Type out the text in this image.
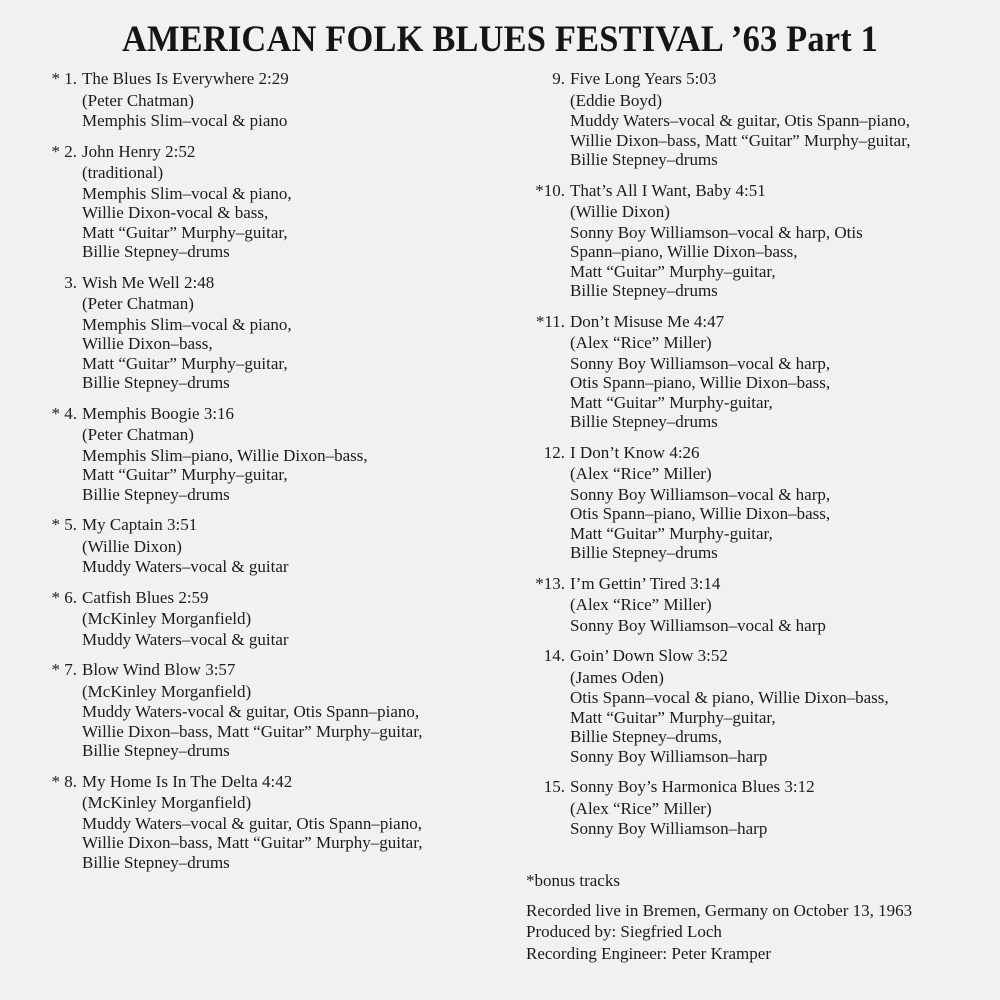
AMERICAN FOLK BLUES FESTIVAL ’63 Part 1
* 1. The Blues Is Everywhere 2:29
(Peter Chatman)
Memphis Slim–vocal & piano
* 2. John Henry 2:52
(traditional)
Memphis Slim–vocal & piano,
Willie Dixon-vocal & bass,
Matt “Guitar” Murphy–guitar,
Billie Stepney–drums
3. Wish Me Well 2:48
(Peter Chatman)
Memphis Slim–vocal & piano,
Willie Dixon–bass,
Matt “Guitar” Murphy–guitar,
Billie Stepney–drums
* 4. Memphis Boogie 3:16
(Peter Chatman)
Memphis Slim–piano, Willie Dixon–bass,
Matt “Guitar” Murphy–guitar,
Billie Stepney–drums
* 5. My Captain 3:51
(Willie Dixon)
Muddy Waters–vocal & guitar
* 6. Catfish Blues 2:59
(McKinley Morganfield)
Muddy Waters–vocal & guitar
* 7. Blow Wind Blow 3:57
(McKinley Morganfield)
Muddy Waters-vocal & guitar, Otis Spann–piano,
Willie Dixon–bass, Matt “Guitar” Murphy–guitar,
Billie Stepney–drums
* 8. My Home Is In The Delta 4:42
(McKinley Morganfield)
Muddy Waters–vocal & guitar, Otis Spann–piano,
Willie Dixon–bass, Matt “Guitar” Murphy–guitar,
Billie Stepney–drums
9. Five Long Years 5:03
(Eddie Boyd)
Muddy Waters–vocal & guitar, Otis Spann–piano,
Willie Dixon–bass, Matt “Guitar” Murphy–guitar,
Billie Stepney–drums
*10. That’s All I Want, Baby 4:51
(Willie Dixon)
Sonny Boy Williamson–vocal & harp, Otis
Spann–piano, Willie Dixon–bass,
Matt “Guitar” Murphy–guitar,
Billie Stepney–drums
*11. Don’t Misuse Me 4:47
(Alex “Rice” Miller)
Sonny Boy Williamson–vocal & harp,
Otis Spann–piano, Willie Dixon–bass,
Matt “Guitar” Murphy-guitar,
Billie Stepney–drums
12. I Don’t Know 4:26
(Alex “Rice” Miller)
Sonny Boy Williamson–vocal & harp,
Otis Spann–piano, Willie Dixon–bass,
Matt “Guitar” Murphy-guitar,
Billie Stepney–drums
*13. I’m Gettin’ Tired 3:14
(Alex “Rice” Miller)
Sonny Boy Williamson–vocal & harp
14. Goin’ Down Slow 3:52
(James Oden)
Otis Spann–vocal & piano, Willie Dixon–bass,
Matt “Guitar” Murphy–guitar,
Billie Stepney–drums,
Sonny Boy Williamson–harp
15. Sonny Boy’s Harmonica Blues 3:12
(Alex “Rice” Miller)
Sonny Boy Williamson–harp
*bonus tracks
Recorded live in Bremen, Germany on October 13, 1963
Produced by: Siegfried Loch
Recording Engineer: Peter Kramper
